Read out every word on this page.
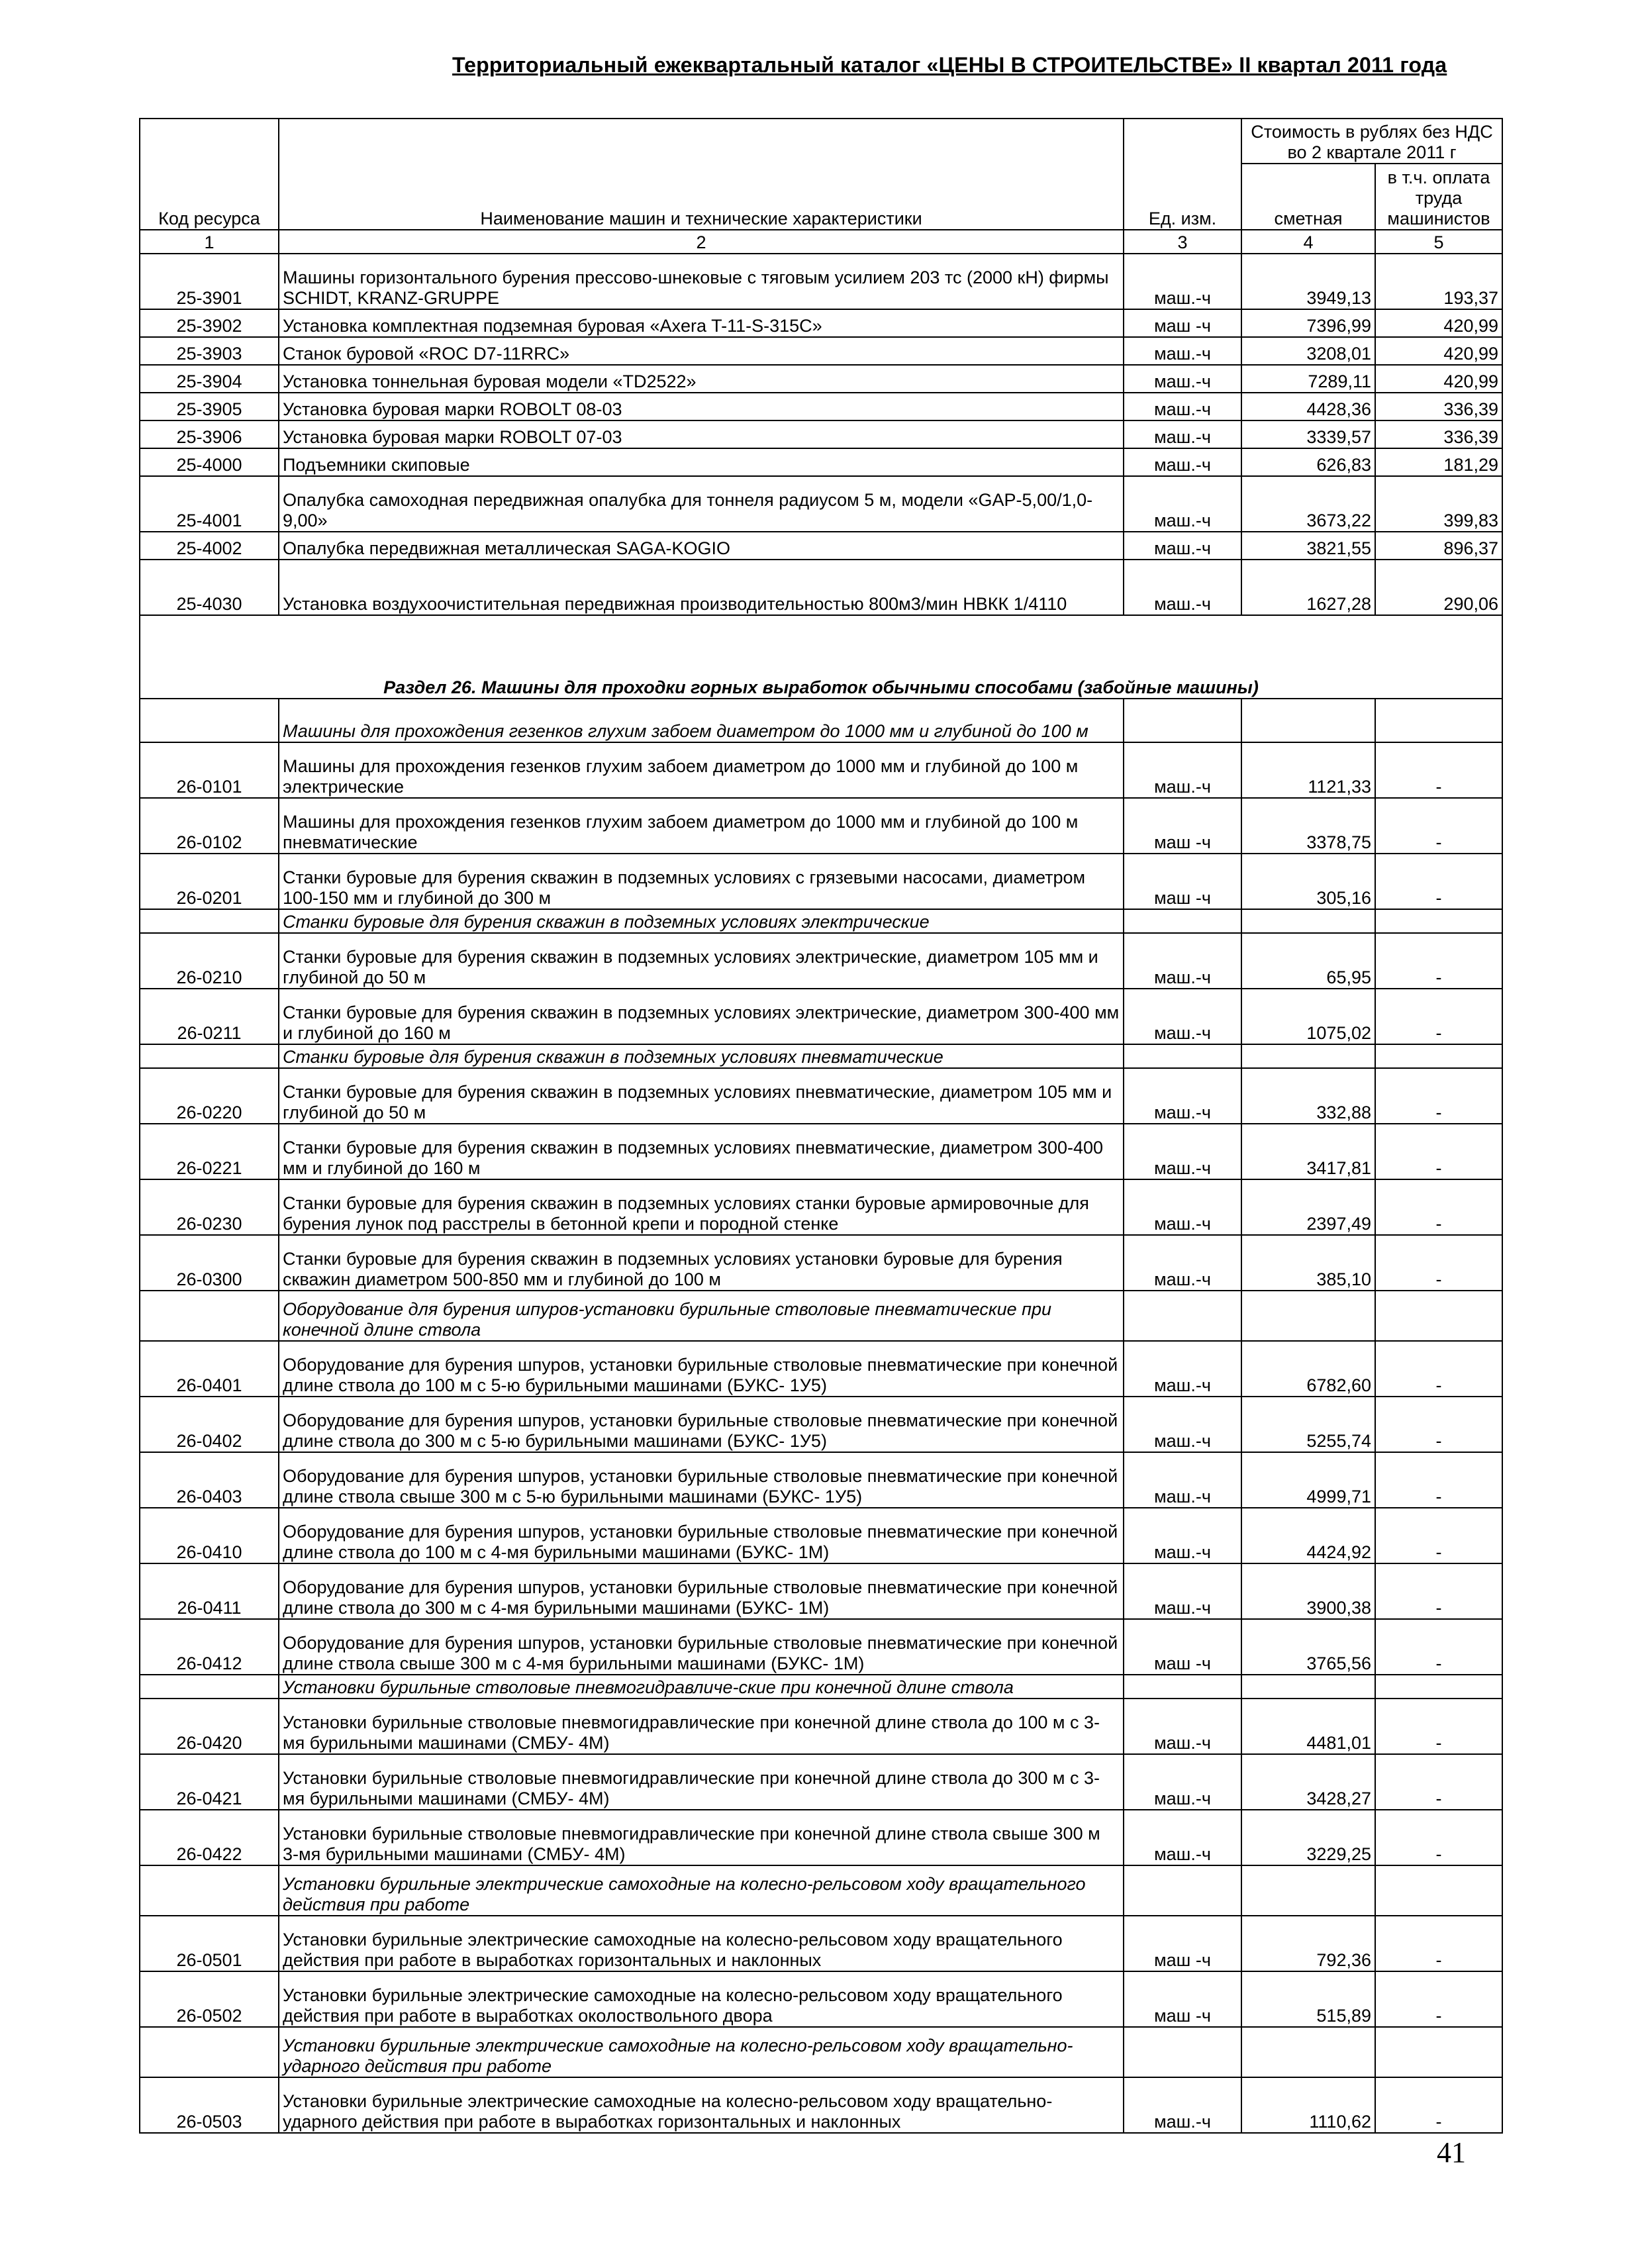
Территориальный ежеквартальный каталог «ЦЕНЫ В СТРОИТЕЛЬСТВЕ» II квартал 2011 года
Код ресурса	Наименование машин и технические характеристики	Ед. изм.	Стоимость в рублях без НДС во 2 квартале 2011 г	
			сметная	в т.ч. оплата труда машинистов
1	2	3	4	5
25-3901	Машины горизонтального бурения прессово-шнековые с тяговым усилием 203 тс (2000 кН) фирмы SCHIDT, KRANZ-GRUPPE	маш.-ч	3949,13	193,37
25-3902	Установка комплектная подземная буровая «Axera T-11-S-315C»	маш -ч	7396,99	420,99
25-3903	Станок буровой «ROC D7-11RRC»	маш.-ч	3208,01	420,99
25-3904	Установка тоннельная буровая модели «TD2522»	маш.-ч	7289,11	420,99
25-3905	Установка буровая марки ROBOLT 08-03	маш.-ч	4428,36	336,39
25-3906	Установка буровая марки ROBOLT 07-03	маш.-ч	3339,57	336,39
25-4000	Подъемники скиповые	маш.-ч	626,83	181,29
25-4001	Опалубка самоходная передвижная опалубка для тоннеля радиусом 5 м, модели «GAP-5,00/1,0-9,00»	маш.-ч	3673,22	399,83
25-4002	Опалубка передвижная металлическая SAGA-KOGIO	маш.-ч	3821,55	896,37
25-4030	Установка воздухоочистительная передвижная производительностью 800м3/мин НВКК 1/4110	маш.-ч	1627,28	290,06
Раздел 26. Машины для проходки горных выработок обычными способами (забойные машины)				
	Машины для прохождения гезенков глухим забоем диаметром до 1000 мм и глубиной до 100 м			
26-0101	Машины для прохождения гезенков глухим забоем диаметром до 1000 мм и глубиной до 100 м электрические	маш.-ч	1121,33	-
26-0102	Машины для прохождения гезенков глухим забоем диаметром до 1000 мм и глубиной до 100 м пневматические	маш -ч	3378,75	-
26-0201	Станки буровые для бурения скважин в подземных условиях с грязевыми насосами, диаметром 100-150 мм и глубиной до 300 м	маш -ч	305,16	-
	Станки буровые для бурения скважин в подземных условиях электрические			
26-0210	Станки буровые для бурения скважин в подземных условиях электрические, диаметром 105 мм и глубиной до 50 м	маш.-ч	65,95	-
26-0211	Станки буровые для бурения скважин в подземных условиях электрические, диаметром 300-400 мм и глубиной до 160 м	маш.-ч	1075,02	-
	Станки буровые для бурения скважин в подземных условиях пневматические			
26-0220	Станки буровые для бурения скважин в подземных условиях пневматические, диаметром 105 мм и глубиной до 50 м	маш.-ч	332,88	-
26-0221	Станки буровые для бурения скважин в подземных условиях пневматические, диаметром 300-400 мм и глубиной до 160 м	маш.-ч	3417,81	-
26-0230	Станки буровые для бурения скважин в подземных условиях станки буровые армировочные для бурения лунок под расстрелы в бетонной крепи и породной стенке	маш.-ч	2397,49	-
26-0300	Станки буровые для бурения скважин в подземных условиях установки буровые для бурения скважин диаметром 500-850 мм и глубиной до 100 м	маш.-ч	385,10	-
	Оборудование для бурения шпуров-установки бурильные стволовые пневматические при конечной длине ствола			
26-0401	Оборудование для бурения шпуров, установки бурильные стволовые пневматические при конечной длине ствола до 100 м с 5-ю бурильными машинами (БУКС- 1У5)	маш.-ч	6782,60	-
26-0402	Оборудование для бурения шпуров, установки бурильные стволовые пневматические при конечной длине ствола до 300 м с 5-ю бурильными машинами (БУКС- 1У5)	маш.-ч	5255,74	-
26-0403	Оборудование для бурения шпуров, установки бурильные стволовые пневматические при конечной длине ствола свыше 300 м с 5-ю бурильными машинами (БУКС- 1У5)	маш.-ч	4999,71	-
26-0410	Оборудование для бурения шпуров, установки бурильные стволовые пневматические при конечной длине ствола до 100 м с 4-мя бурильными машинами (БУКС- 1М)	маш.-ч	4424,92	-
26-0411	Оборудование для бурения шпуров, установки бурильные стволовые пневматические при конечной длине ствола до 300 м с 4-мя бурильными машинами (БУКС- 1М)	маш.-ч	3900,38	-
26-0412	Оборудование для бурения шпуров, установки бурильные стволовые пневматические при конечной длине ствола свыше 300 м с 4-мя бурильными машинами (БУКС- 1М)	маш -ч	3765,56	-
	Установки бурильные стволовые пневмогидравличе-ские при конечной длине ствола			
26-0420	Установки бурильные стволовые пневмогидравлические при конечной длине ствола до 100 м с 3-мя бурильными машинами (СМБУ- 4М)	маш.-ч	4481,01	-
26-0421	Установки бурильные стволовые пневмогидравлические при конечной длине ствола до 300 м с 3-мя бурильными машинами (СМБУ- 4М)	маш.-ч	3428,27	-
26-0422	Установки бурильные стволовые пневмогидравлические при конечной длине ствола свыше 300 м 3-мя бурильными машинами (СМБУ- 4М)	маш.-ч	3229,25	-
	Установки бурильные электрические самоходные на колесно-рельсовом ходу вращательного действия при работе			
26-0501	Установки бурильные электрические самоходные на колесно-рельсовом ходу вращательного действия при работе в выработках горизонтальных и наклонных	маш -ч	792,36	-
26-0502	Установки бурильные электрические самоходные на колесно-рельсовом ходу вращательного действия при работе в выработках околоствольного двора	маш -ч	515,89	-
	Установки бурильные электрические самоходные на колесно-рельсовом ходу вращательно-ударного действия при работе			
26-0503	Установки бурильные электрические самоходные на колесно-рельсовом ходу вращательно-ударного действия при работе в выработках горизонтальных и наклонных	маш.-ч	1110,62	-
41
